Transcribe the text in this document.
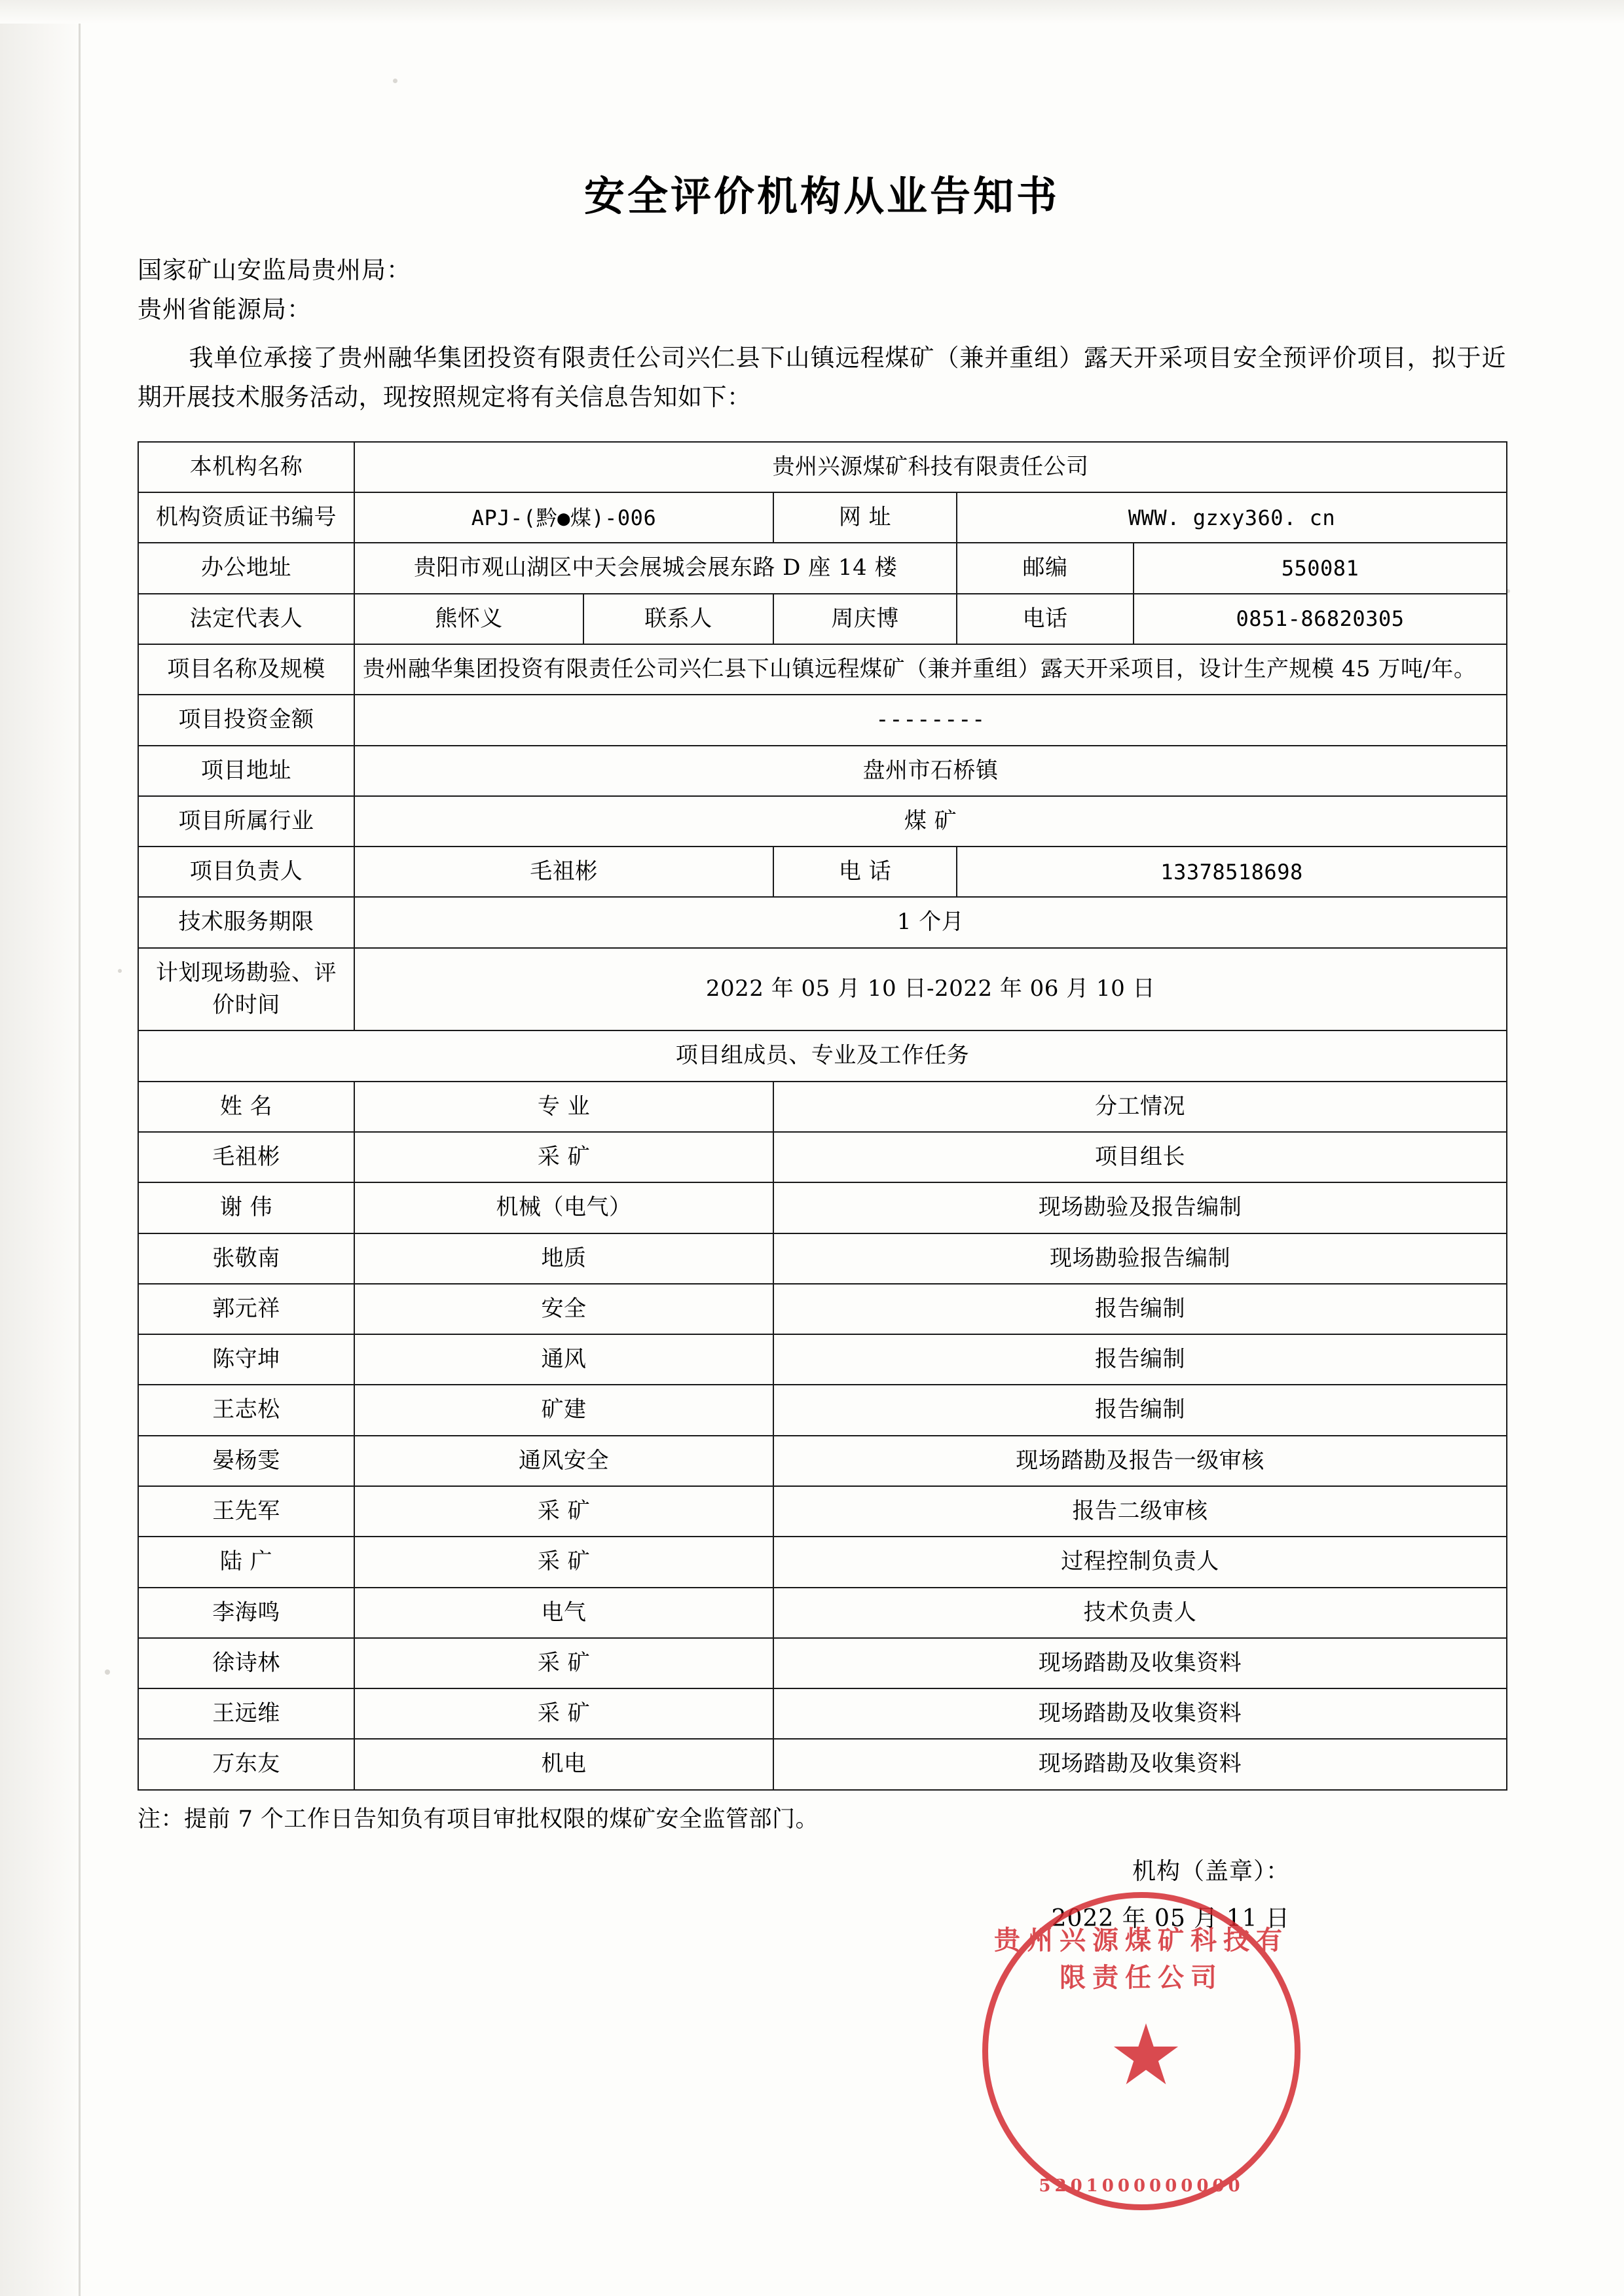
安全评价机构从业告知书
国家矿山安监局贵州局：
贵州省能源局：

我单位承接了贵州融华集团投资有限责任公司兴仁县下山镇远程煤矿（兼并重组）露天开采项目安全预评价项目，拟于近期开展技术服务活动，现按照规定将有关信息告知如下：

本机构名称	贵州兴源煤矿科技有限责任公司				
机构资质证书编号	APJ-(黔●煤)-006		网 址	WWW. gzxy360. cn	
办公地址	贵阳市观山湖区中天会展城会展东路 D 座 14 楼			邮编	550081
法定代表人	熊怀义	联系人	周庆博	电话	0851-86820305
项目名称及规模	贵州融华集团投资有限责任公司兴仁县下山镇远程煤矿（兼并重组）露天开采项目，设计生产规模 45 万吨/年。				
项目投资金额	--------				
项目地址	盘州市石桥镇				
项目所属行业	煤 矿				
项目负责人	毛祖彬		电 话	13378518698	
技术服务期限	1 个月				
计划现场勘验、评价时间	2022 年 05 月 10 日-2022 年 06 月 10 日				
项目组成员、专业及工作任务					
姓 名	专 业		分工情况		
毛祖彬	采 矿		项目组长		
谢 伟	机械（电气）		现场勘验及报告编制		
张敬南	地质		现场勘验报告编制		
郭元祥	安全		报告编制		
陈守坤	通风		报告编制		
王志松	矿建		报告编制		
晏杨雯	通风安全		现场踏勘及报告一级审核		
王先军	采 矿		报告二级审核		
陆 广	采 矿		过程控制负责人		
李海鸣	电气		技术负责人		
徐诗林	采 矿		现场踏勘及收集资料		
王远维	采 矿		现场踏勘及收集资料		
万东友	机电		现场踏勘及收集资料		
注：提前 7 个工作日告知负有项目审批权限的煤矿安全监管部门。
机构（盖章）：
2022 年 05 月 11 日
贵州兴源煤矿科技有限责任公司
★
5201000000000
